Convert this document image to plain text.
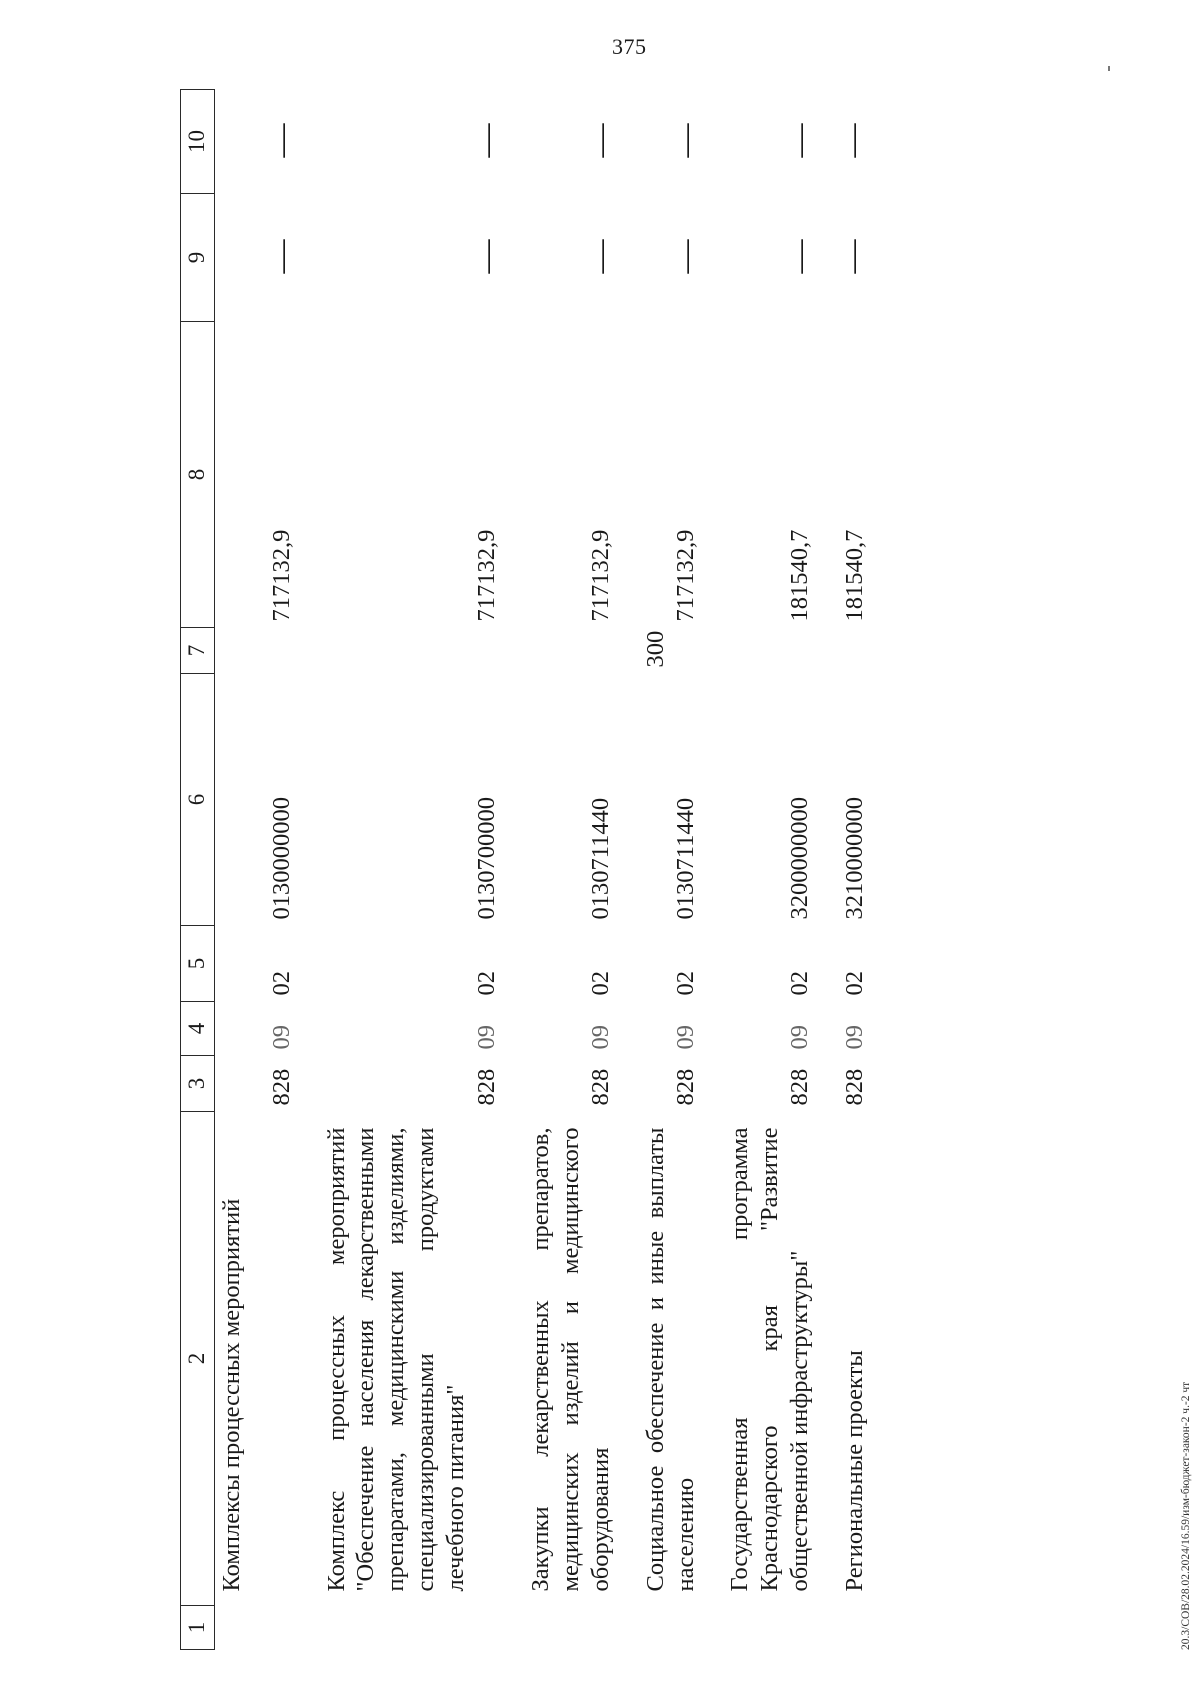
375
1	2	3	4	5	6	7	8	9	10
	Комплексы процессных мероприятий	828	09	02	0130000000		717132,9	—	—
	Комплекс процессных мероприятий "Обеспечение населения лекарственными препаратами, медицинскими изделиями, специализированными продуктами лечебного питания"	828	09	02	0130700000		717132,9	—	—
	Закупки лекарственных препаратов, медицинских изделий и медицинского оборудования	828	09	02	0130711440		717132,9	—	—
	Социальное обеспечение и иные выплаты населению	828	09	02	0130711440	300	717132,9	—	—
	Государственная программа Краснодарского края "Развитие общественной инфраструктуры"	828	09	02	3200000000		181540,7	—	—
	Региональные проекты	828	09	02	3210000000		181540,7	—	—
20.3/СОВ/28.02.2024/16.59/изм-бюджет-закон-2 ч.-2 чт
